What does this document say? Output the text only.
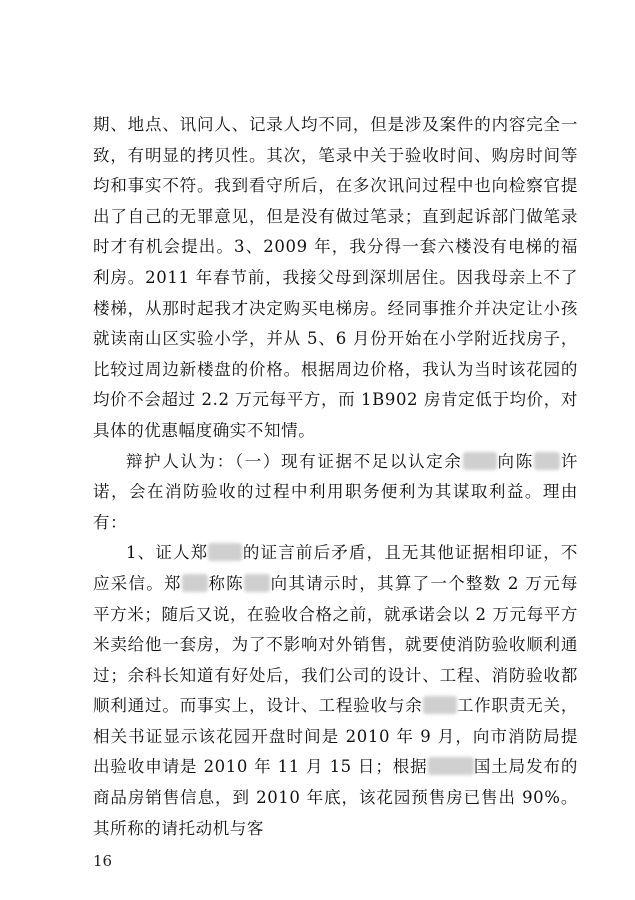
期、地点、讯问人、记录人均不同，但是涉及案件的内容完全一致，有明显的拷贝性。其次，笔录中关于验收时间、购房时间等均和事实不符。我到看守所后，在多次讯问过程中也向检察官提出了自己的无罪意见，但是没有做过笔录；直到起诉部门做笔录时才有机会提出。3、2009 年，我分得一套六楼没有电梯的福利房。2011 年春节前，我接父母到深圳居住。因我母亲上不了楼梯，从那时起我才决定购买电梯房。经同事推介并决定让小孩就读南山区实验小学，并从 5、6 月份开始在小学附近找房子，比较过周边新楼盘的价格。根据周边价格，我认为当时该花园的均价不会超过 2.2 万元每平方，而 1B902 房肯定低于均价，对具体的优惠幅度确实不知情。

辩护人认为：（一）现有证据不足以认定余 向陈 许诺，会在消防验收的过程中利用职务便利为其谋取利益。理由有：

1、证人郑 的证言前后矛盾，且无其他证据相印证，不应采信。郑 称陈 向其请示时，其算了一个整数 2 万元每平方米；随后又说，在验收合格之前，就承诺会以 2 万元每平方米卖给他一套房，为了不影响对外销售，就要使消防验收顺利通过；余科长知道有好处后，我们公司的设计、工程、消防验收都顺利通过。而事实上，设计、工程验收与余 工作职责无关，相关书证显示该花园开盘时间是 2010 年 9 月，向市消防局提出验收申请是 2010 年 11 月 15 日；根据	国土局发布的商品房销售信息，到 2010 年底，该花园预售房已售出 90%。其所称的请托动机与客

16
